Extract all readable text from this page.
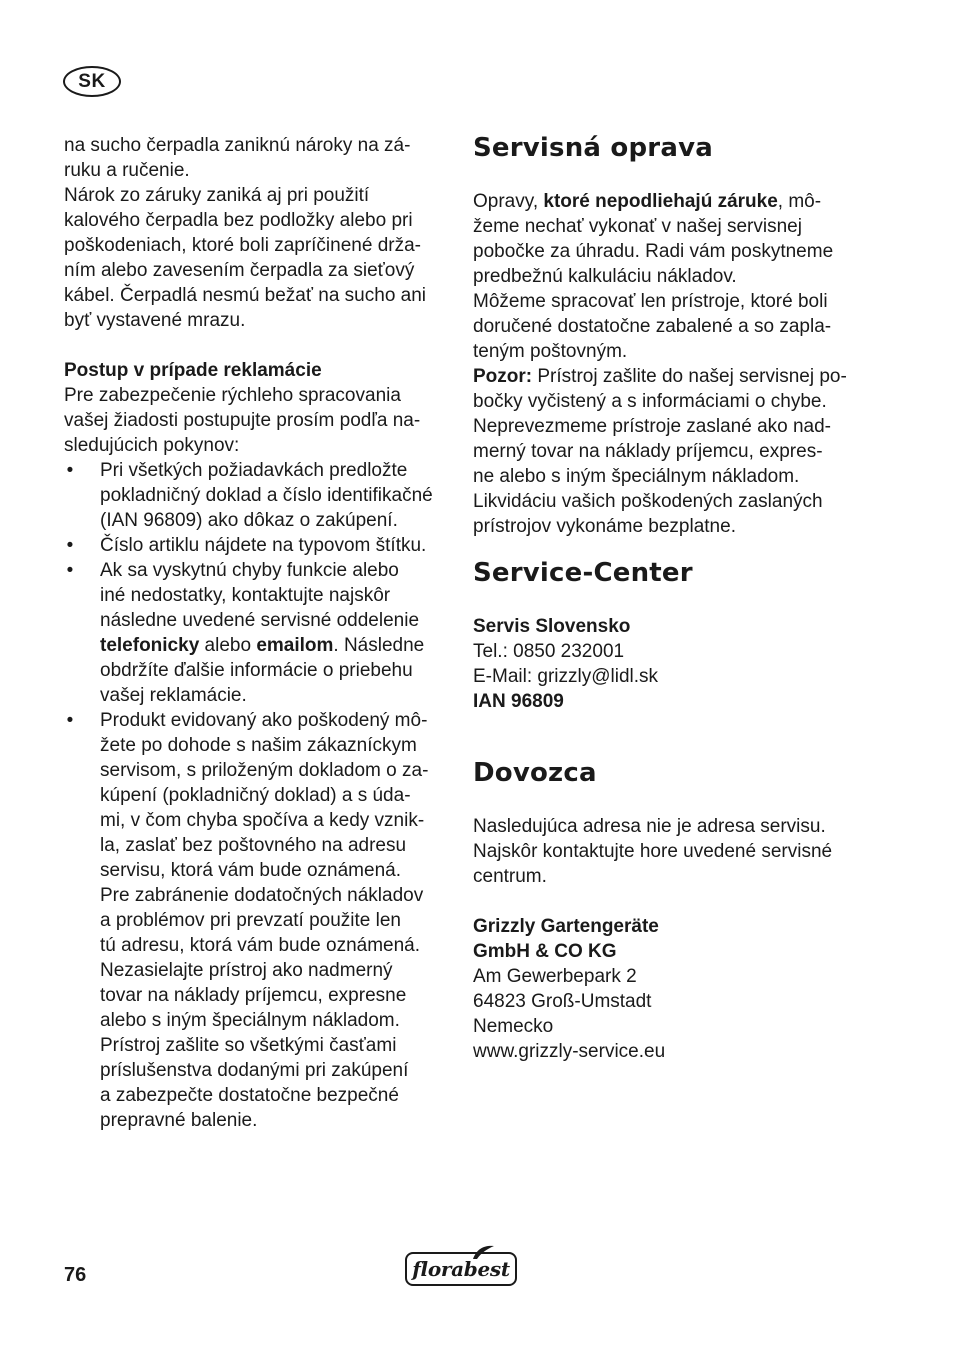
SK

na sucho čerpadla zaniknú nároky na zá-

ruku a ručenie.

Nárok zo záruky zaniká aj pri použití

kalového čerpadla bez podložky alebo pri

poškodeniach, ktoré boli zapríčinené drža-

ním alebo zavesením čerpadla za sieťový

kábel. Čerpadlá nesmú bežať na sucho ani

byť vystavené mrazu.

Postup v prípade reklamácie

Pre zabezpečenie rýchleho spracovania

vašej žiadosti postupujte prosím podľa na-

sledujúcich pokynov:

• Pri všetkých požiadavkách predložte

pokladničný doklad a číslo identifikačné

(IAN 96809) ako dôkaz o zakúpení.

• Číslo artiklu nájdete na typovom štítku.

• Ak sa vyskytnú chyby funkcie alebo

iné nedostatky, kontaktujte najskôr

následne uvedené servisné oddelenie

telefonicky alebo emailom. Následne

obdržíte ďalšie informácie o priebehu

vašej reklamácie.

• Produkt evidovaný ako poškodený mô-

žete po dohode s našim zákazníckym

servisom, s priloženým dokladom o za-

kúpení (pokladničný doklad) a s úda-

mi, v čom chyba spočíva a kedy vznik-

la, zaslať bez poštovného na adresu

servisu, ktorá vám bude oznámená.

Pre zabránenie dodatočných nákladov

a problémov pri prevzatí použite len

tú adresu, ktorá vám bude oznámená.

Nezasielajte prístroj ako nadmerný

tovar na náklady príjemcu, expresne

alebo s iným špeciálnym nákladom.

Prístroj zašlite so všetkými časťami

príslušenstva dodanými pri zakúpení

a zabezpečte dostatočne bezpečné

prepravné balenie.

Servisná oprava

Opravy, ktoré nepodliehajú záruke, mô-

žeme nechať vykonať v našej servisnej

pobočke za úhradu. Radi vám poskytneme

predbežnú kalkuláciu nákladov.

Môžeme spracovať len prístroje, ktoré boli

doručené dostatočne zabalené a so zapla-

teným poštovným.

Pozor: Prístroj zašlite do našej servisnej po-

bočky vyčistený a s informáciami o chybe.

Neprevezmeme prístroje zaslané ako nad-

merný tovar na náklady príjemcu, expres-

ne alebo s iným špeciálnym nákladom.

Likvidáciu vašich poškodených zaslaných

prístrojov vykonáme bezplatne.

Service-Center

Servis Slovensko

Tel.: 0850 232001

E-Mail: grizzly@lidl.sk

IAN 96809

Dovozca

Nasledujúca adresa nie je adresa servisu.

Najskôr kontaktujte hore uvedené servisné

centrum.

Grizzly Gartengeräte

GmbH & CO KG

Am Gewerbepark 2

64823 Groß-Umstadt

Nemecko

www.grizzly-service.eu

76	florabest
